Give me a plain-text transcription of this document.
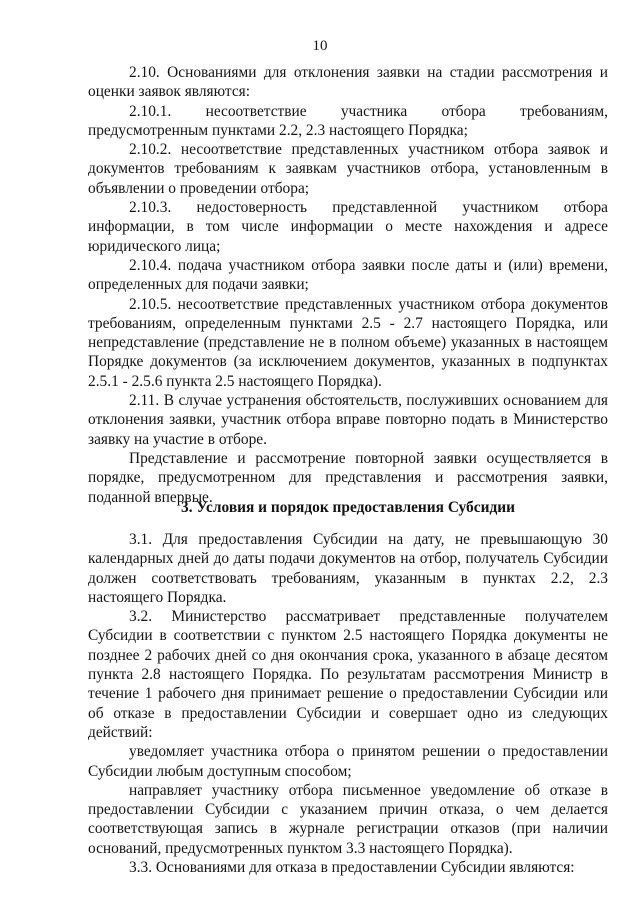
10

2.10. Основаниями для отклонения заявки на стадии рассмотрения и оценки заявок являются:

2.10.1. несоответствие участника отбора требованиям, предусмотренным пунктами 2.2, 2.3 настоящего Порядка;

2.10.2. несоответствие представленных участником отбора заявок и документов требованиям к заявкам участников отбора, установленным в объявлении о проведении отбора;

2.10.3. недостоверность представленной участником отбора информации, в том числе информации о месте нахождения и адресе юридического лица;

2.10.4. подача участником отбора заявки после даты и (или) времени, определенных для подачи заявки;

2.10.5. несоответствие представленных участником отбора документов требованиям, определенным пунктами 2.5 - 2.7 настоящего Порядка, или непредставление (представление не в полном объеме) указанных в настоящем Порядке документов (за исключением документов, указанных в подпунктах 2.5.1 - 2.5.6 пункта 2.5 настоящего Порядка).

2.11. В случае устранения обстоятельств, послуживших основанием для отклонения заявки, участник отбора вправе повторно подать в Министерство заявку на участие в отборе.

Представление и рассмотрение повторной заявки осуществляется в порядке, предусмотренном для представления и рассмотрения заявки, поданной впервые.

3. Условия и порядок предоставления Субсидии

3.1. Для предоставления Субсидии на дату, не превышающую 30 календарных дней до даты подачи документов на отбор, получатель Субсидии должен соответствовать требованиям, указанным в пунктах 2.2, 2.3 настоящего Порядка.

3.2. Министерство рассматривает представленные получателем Субсидии в соответствии с пунктом 2.5 настоящего Порядка документы не позднее 2 рабочих дней со дня окончания срока, указанного в абзаце десятом пункта 2.8 настоящего Порядка. По результатам рассмотрения Министр в течение 1 рабочего дня принимает решение о предоставлении Субсидии или об отказе в предоставлении Субсидии и совершает одно из следующих действий:

уведомляет участника отбора о принятом решении о предоставлении Субсидии любым доступным способом;

направляет участнику отбора письменное уведомление об отказе в предоставлении Субсидии с указанием причин отказа, о чем делается соответствующая запись в журнале регистрации отказов (при наличии оснований, предусмотренных пунктом 3.3 настоящего Порядка).

3.3. Основаниями для отказа в предоставлении Субсидии являются:
